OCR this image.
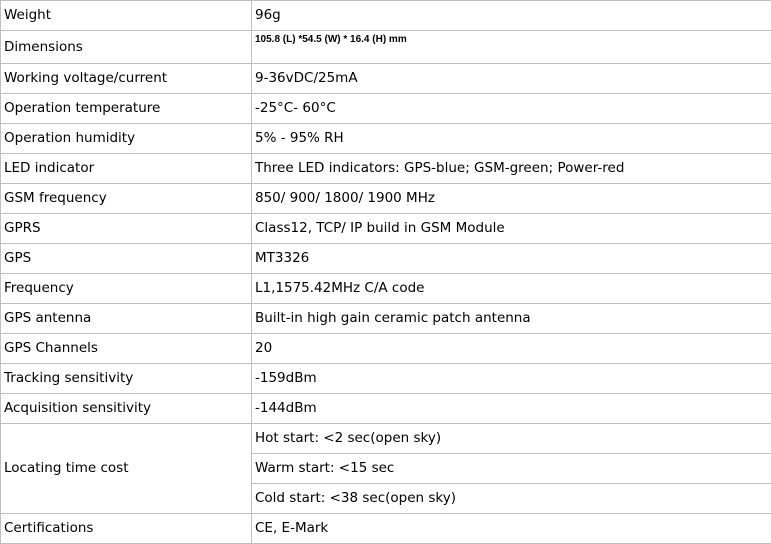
Weight	96g
Dimensions	105.8 (L) *54.5 (W) * 16.4 (H) mm
Working voltage/current	9-36vDC/25mA
Operation temperature	-25°C- 60°C
Operation humidity	5% - 95% RH
LED indicator	Three LED indicators: GPS-blue; GSM-green; Power-red
GSM frequency	850/ 900/ 1800/ 1900 MHz
GPRS	Class12, TCP/ IP build in GSM Module
GPS	MT3326
Frequency	L1,1575.42MHz C/A code
GPS antenna	Built-in high gain ceramic patch antenna
GPS Channels	20
Tracking sensitivity	-159dBm
Acquisition sensitivity	-144dBm
Locating time cost	Hot start: <2 sec(open sky)
	Warm start: <15 sec
	Cold start: <38 sec(open sky)
Certifications	CE, E-Mark
